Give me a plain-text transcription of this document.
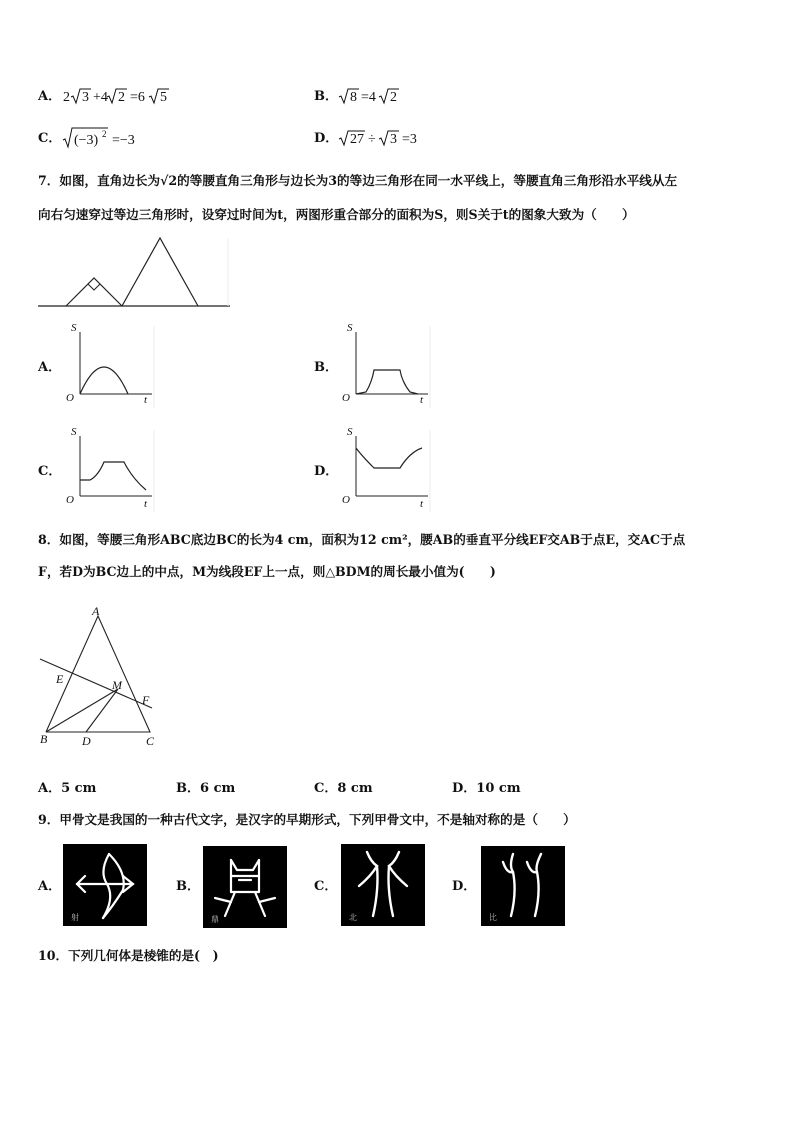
A． 2 3 +4 2 =6 5	B． 8 =4 2
C． (−3) 2 =−3	D． 27 ÷ 3 =3
7．如图，直角边长为√2的等腰直角三角形与边长为3的等边三角形在同一水平线上，等腰直角三角形沿水平线从左
向右匀速穿过等边三角形时，设穿过时间为t，两图形重合部分的面积为S，则S关于t的图象大致为（　　）
A．
S
O	t
B．
S
O	t
C．
S
O	t
D．
S
O	t
8．如图，等腰三角形ABC底边BC的长为4 cm，面积为12 cm²，腰AB的垂直平分线EF交AB于点E，交AC于点
F，若D为BC边上的中点，M为线段EF上一点，则△BDM的周长最小值为(　　)
A
E	M
F
B	D	C
A．5 cm	B．6 cm	C．8 cm	D．10 cm
9．甲骨文是我国的一种古代文字，是汉字的早期形式，下列甲骨文中，不是轴对称的是（　　）
A．
射
B．
鼎
C．
北
D．
比
10．下列几何体是棱锥的是(　)
